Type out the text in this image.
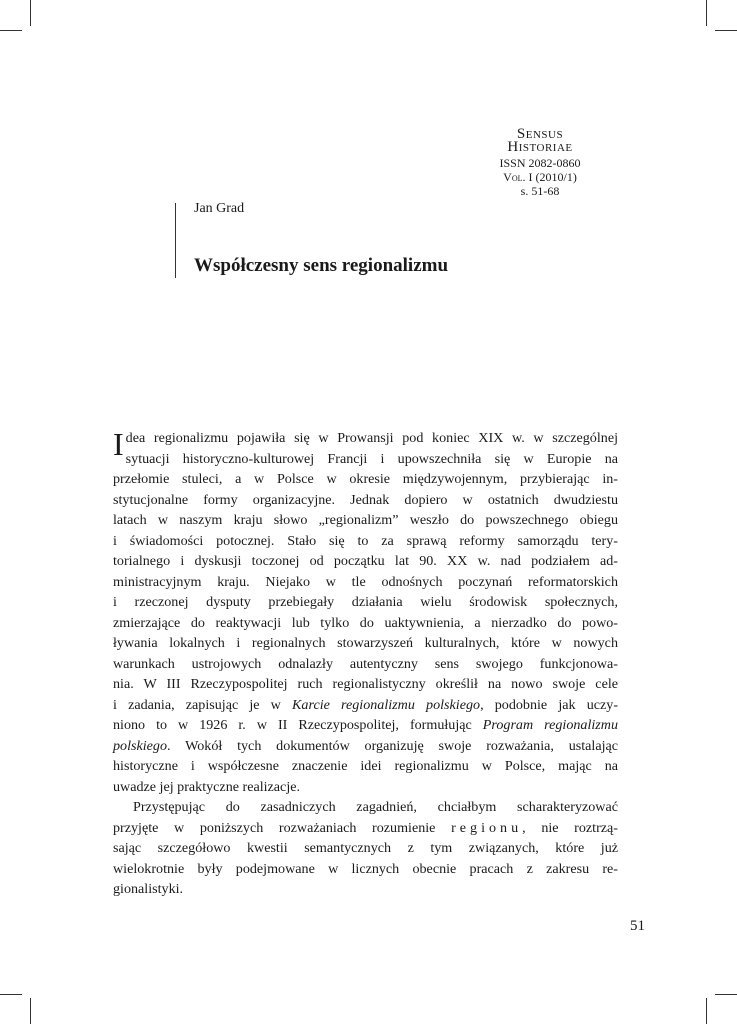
Sensus
Historiae
ISSN 2082-0860
Vol. I (2010/1)
s. 51-68
Jan Grad
Współczesny sens regionalizmu

I dea regionalizmu pojawiła się w Prowansji pod koniec XIX w. w szczególnej
sytuacji historyczno-kulturowej Francji i upowszechniła się w Europie na
przełomie stuleci, a w Polsce w okresie międzywojennym, przybierając in-
stytucjonalne formy organizacyjne. Jednak dopiero w ostatnich dwudziestu
latach w naszym kraju słowo „regionalizm” weszło do powszechnego obiegu
i świadomości potocznej. Stało się to za sprawą reformy samorządu tery-
torialnego i dyskusji toczonej od początku lat 90. XX w. nad podziałem ad-
ministracyjnym kraju. Niejako w tle odnośnych poczynań reformatorskich
i rzeczonej dysputy przebiegały działania wielu środowisk społecznych,
zmierzające do reaktywacji lub tylko do uaktywnienia, a nierzadko do powo-
ływania lokalnych i regionalnych stowarzyszeń kulturalnych, które w nowych
warunkach ustrojowych odnalazły autentyczny sens swojego funkcjonowa-
nia. W III Rzeczypospolitej ruch regionalistyczny określił na nowo swoje cele
i zadania, zapisując je w Karcie regionalizmu polskiego, podobnie jak uczy-
niono to w 1926 r. w II Rzeczypospolitej, formułując Program regionalizmu
polskiego. Wokół tych dokumentów organizuję swoje rozważania, ustalając
historyczne i współczesne znaczenie idei regionalizmu w Polsce, mając na
uwadze jej praktyczne realizacje.

Przystępując do zasadniczych zagadnień, chciałbym scharakteryzować
przyjęte w poniższych rozważaniach rozumienie regionu, nie roztrzą-
sając szczegółowo kwestii semantycznych z tym związanych, które już
wielokrotnie były podejmowane w licznych obecnie pracach z zakresu re-
gionalistyki.

51
